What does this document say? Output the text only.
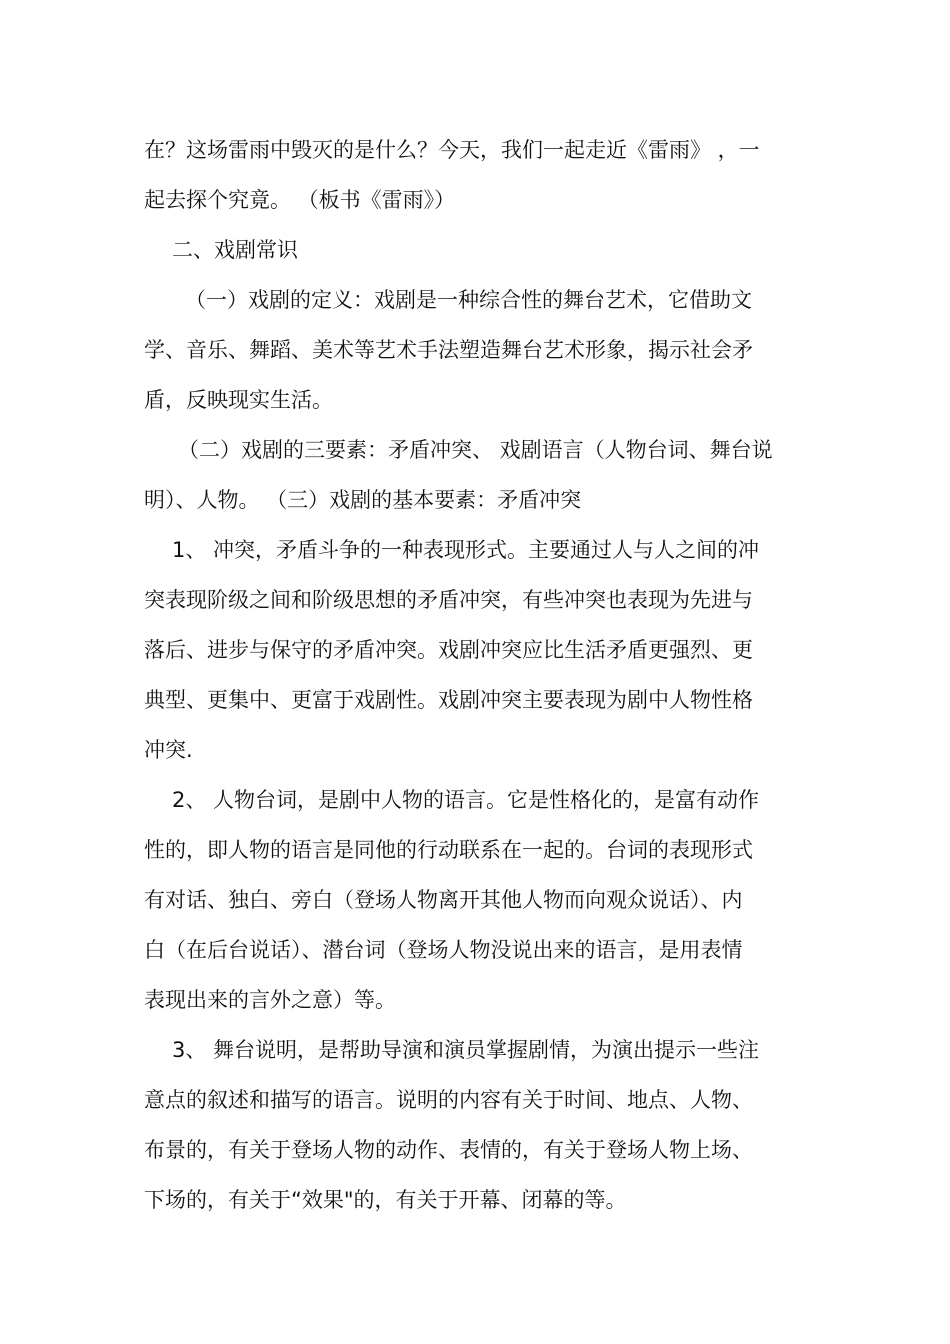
在？这场雷雨中毁灭的是什么？今天，我们一起走近《雷雨》 ，一
起去探个究竟。 （板书《雷雨》）
二、戏剧常识
（一）戏剧的定义：戏剧是一种综合性的舞台艺术，它借助文
学、音乐、舞蹈、美术等艺术手法塑造舞台艺术形象，揭示社会矛
盾，反映现实生活。
（二）戏剧的三要素：矛盾冲突、 戏剧语言（人物台词、舞台说
明）、人物。 （三）戏剧的基本要素：矛盾冲突
1、 冲突，矛盾斗争的一种表现形式。主要通过人与人之间的冲
突表现阶级之间和阶级思想的矛盾冲突，有些冲突也表现为先进与
落后、进步与保守的矛盾冲突。戏剧冲突应比生活矛盾更强烈、更
典型、更集中、更富于戏剧性。戏剧冲突主要表现为剧中人物性格
冲突.
2、 人物台词，是剧中人物的语言。它是性格化的，是富有动作
性的，即人物的语言是同他的行动联系在一起的。台词的表现形式
有对话、独白、旁白（登场人物离开其他人物而向观众说话）、内
白（在后台说话）、潜台词（登场人物没说出来的语言，是用表情
表现出来的言外之意）等。
3、 舞台说明，是帮助导演和演员掌握剧情，为演出提示一些注
意点的叙述和描写的语言。说明的内容有关于时间、地点、人物、
布景的，有关于登场人物的动作、表情的，有关于登场人物上场、
下场的，有关于“效果"的，有关于开幕、闭幕的等。
